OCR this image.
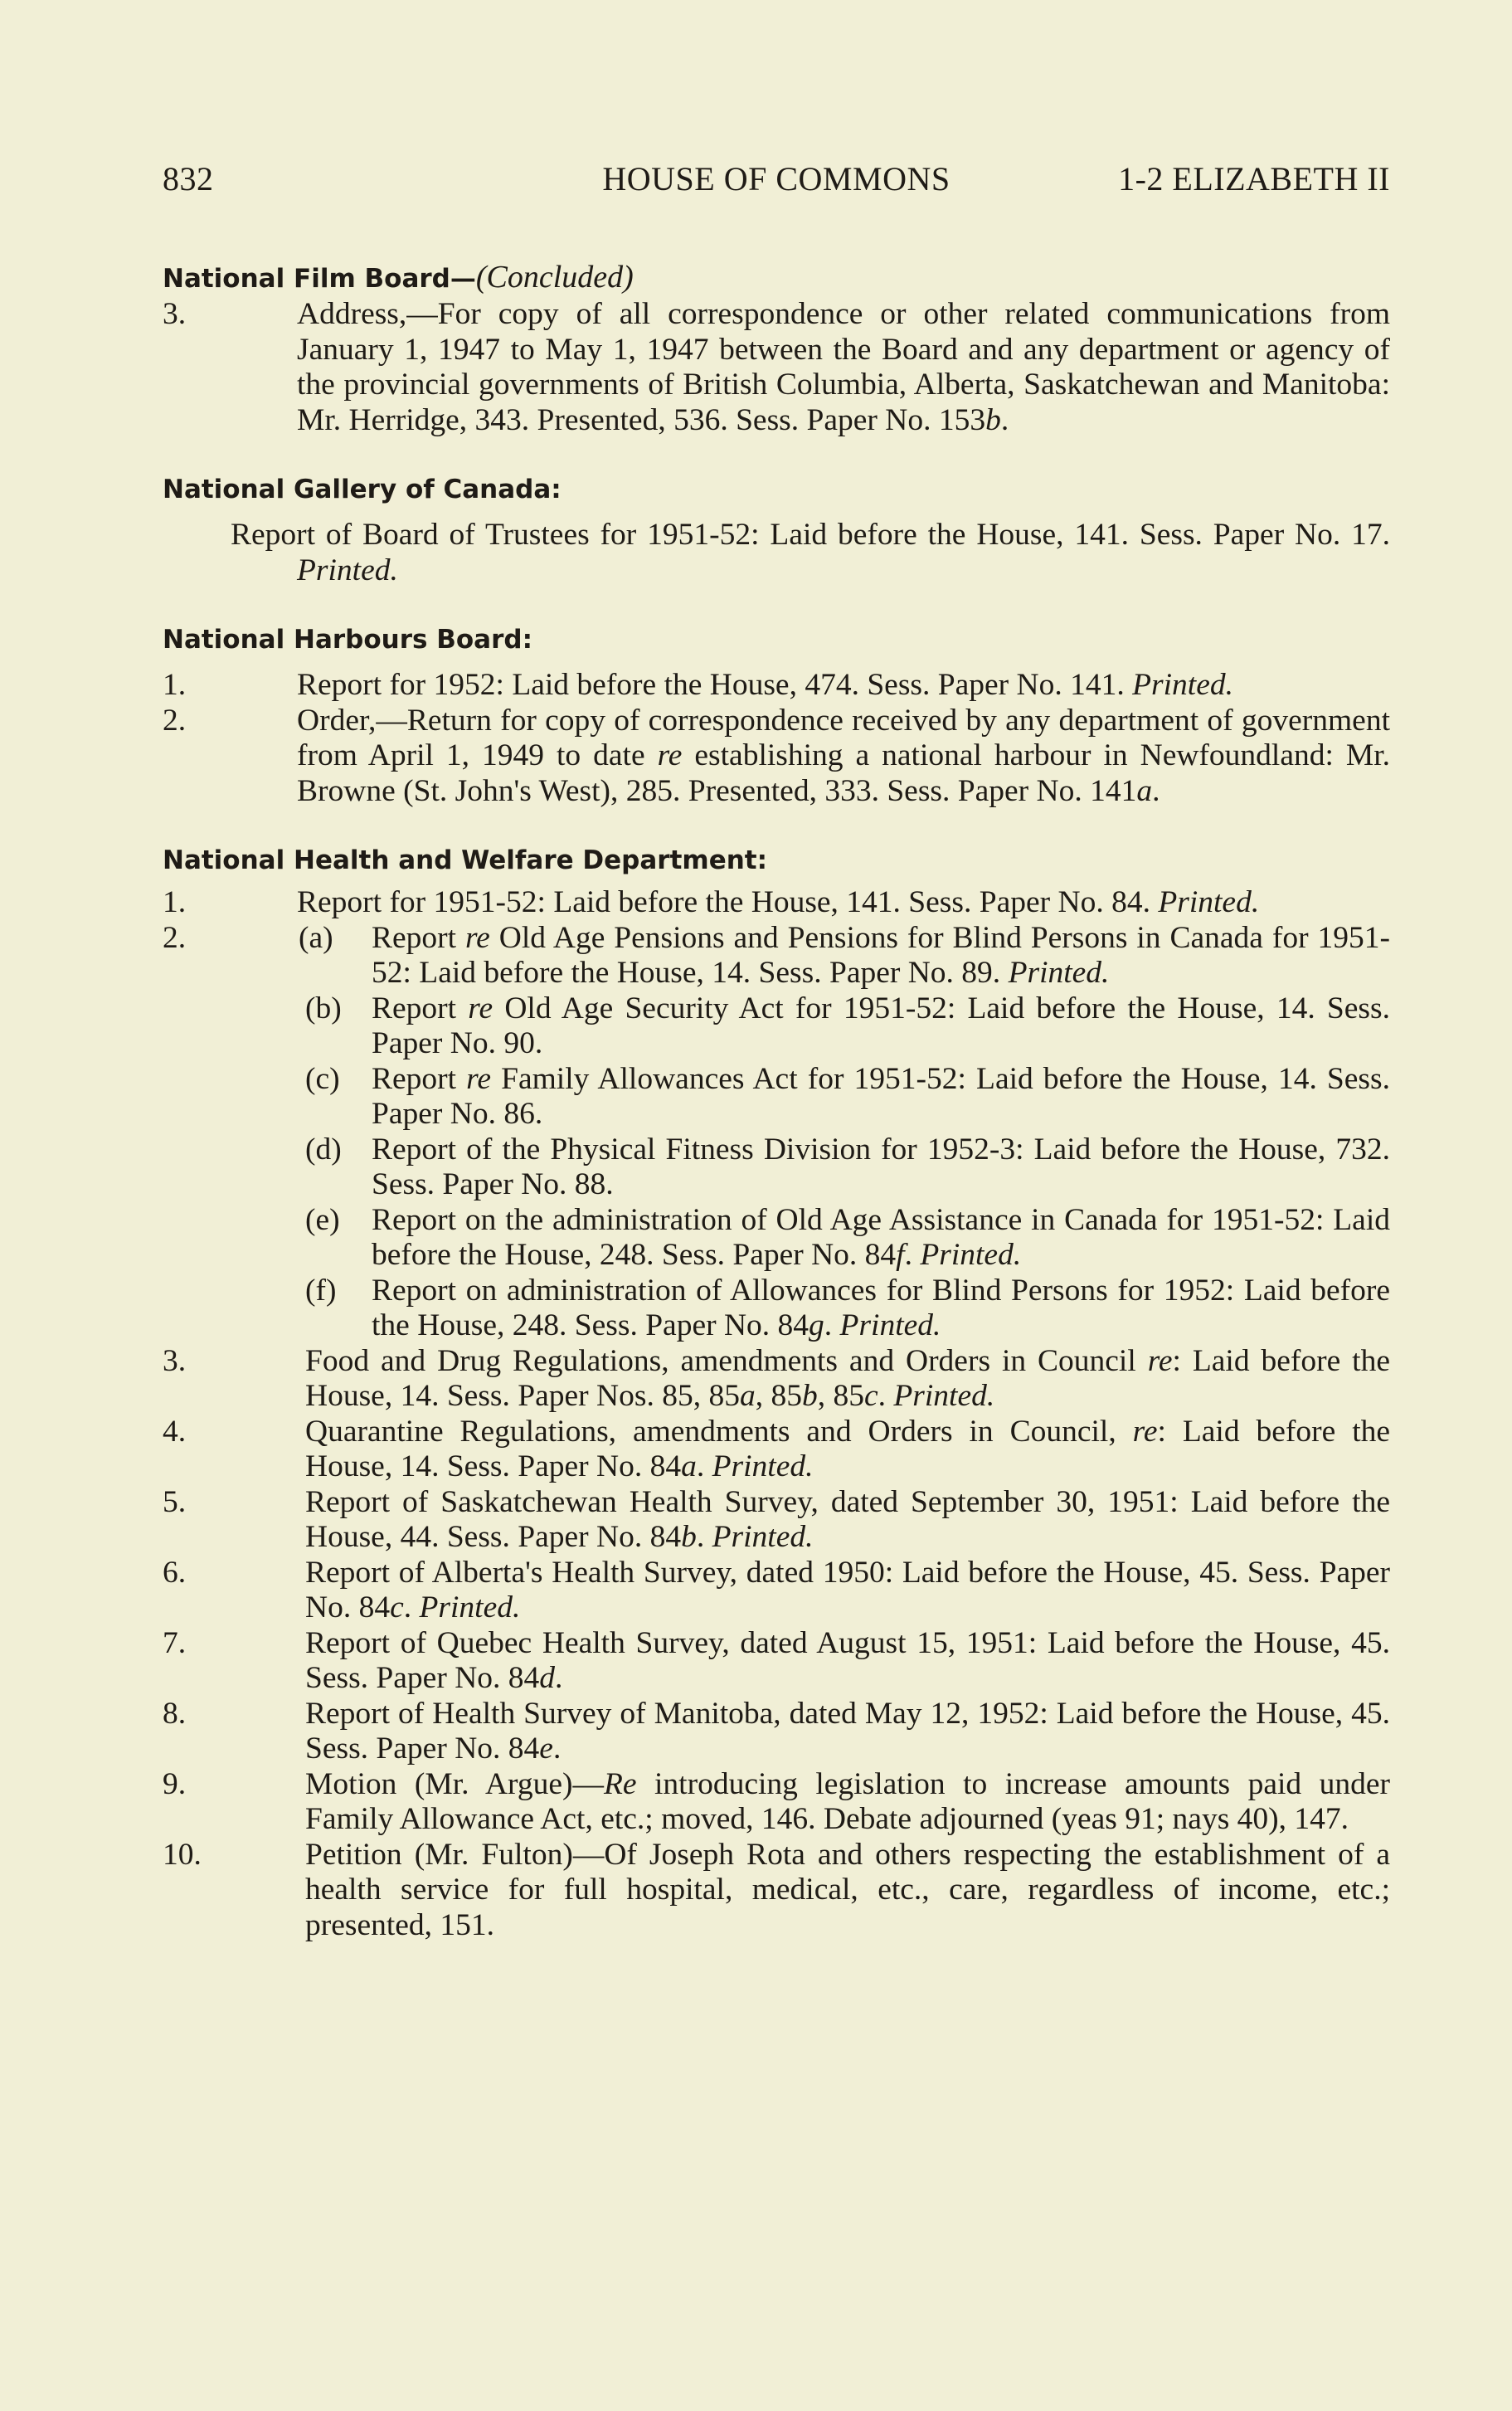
832	HOUSE OF COMMONS	1-2 ELIZABETH II
National Film Board—(Concluded)
3.	Address,—For copy of all correspondence or other related communications from January 1, 1947 to May 1, 1947 between the Board and any department or agency of the provincial governments of British Columbia, Alberta, Saskatchewan and Manitoba: Mr. Herridge, 343. Presented, 536. Sess. Paper No. 153b.
National Gallery of Canada:
Report of Board of Trustees for 1951-52: Laid before the House, 141. Sess. Paper No. 17. Printed.
National Harbours Board:
1.	Report for 1952: Laid before the House, 474. Sess. Paper No. 141. Printed.
2.	Order,—Return for copy of correspondence received by any department of government from April 1, 1949 to date re establishing a national harbour in Newfoundland: Mr. Browne (St. John's West), 285. Presented, 333. Sess. Paper No. 141a.
National Health and Welfare Department:
1.	Report for 1951-52: Laid before the House, 141. Sess. Paper No. 84. Printed.
2.	(a) Report re Old Age Pensions and Pensions for Blind Persons in Canada for 1951-52: Laid before the House, 14. Sess. Paper No. 89. Printed.
(b) Report re Old Age Security Act for 1951-52: Laid before the House, 14. Sess. Paper No. 90.
(c) Report re Family Allowances Act for 1951-52: Laid before the House, 14. Sess. Paper No. 86.
(d) Report of the Physical Fitness Division for 1952-3: Laid before the House, 732. Sess. Paper No. 88.
(e) Report on the administration of Old Age Assistance in Canada for 1951-52: Laid before the House, 248. Sess. Paper No. 84f. Printed.
(f) Report on administration of Allowances for Blind Persons for 1952: Laid before the House, 248. Sess. Paper No. 84g. Printed.
3.	Food and Drug Regulations, amendments and Orders in Council re: Laid before the House, 14. Sess. Paper Nos. 85, 85a, 85b, 85c. Printed.
4.	Quarantine Regulations, amendments and Orders in Council, re: Laid before the House, 14. Sess. Paper No. 84a. Printed.
5.	Report of Saskatchewan Health Survey, dated September 30, 1951: Laid before the House, 44. Sess. Paper No. 84b. Printed.
6.	Report of Alberta's Health Survey, dated 1950: Laid before the House, 45. Sess. Paper No. 84c. Printed.
7.	Report of Quebec Health Survey, dated August 15, 1951: Laid before the House, 45. Sess. Paper No. 84d.
8.	Report of Health Survey of Manitoba, dated May 12, 1952: Laid before the House, 45. Sess. Paper No. 84e.
9.	Motion (Mr. Argue)—Re introducing legislation to increase amounts paid under Family Allowance Act, etc.; moved, 146. Debate adjourned (yeas 91; nays 40), 147.
10.	Petition (Mr. Fulton)—Of Joseph Rota and others respecting the establishment of a health service for full hospital, medical, etc., care, regardless of income, etc.; presented, 151.
